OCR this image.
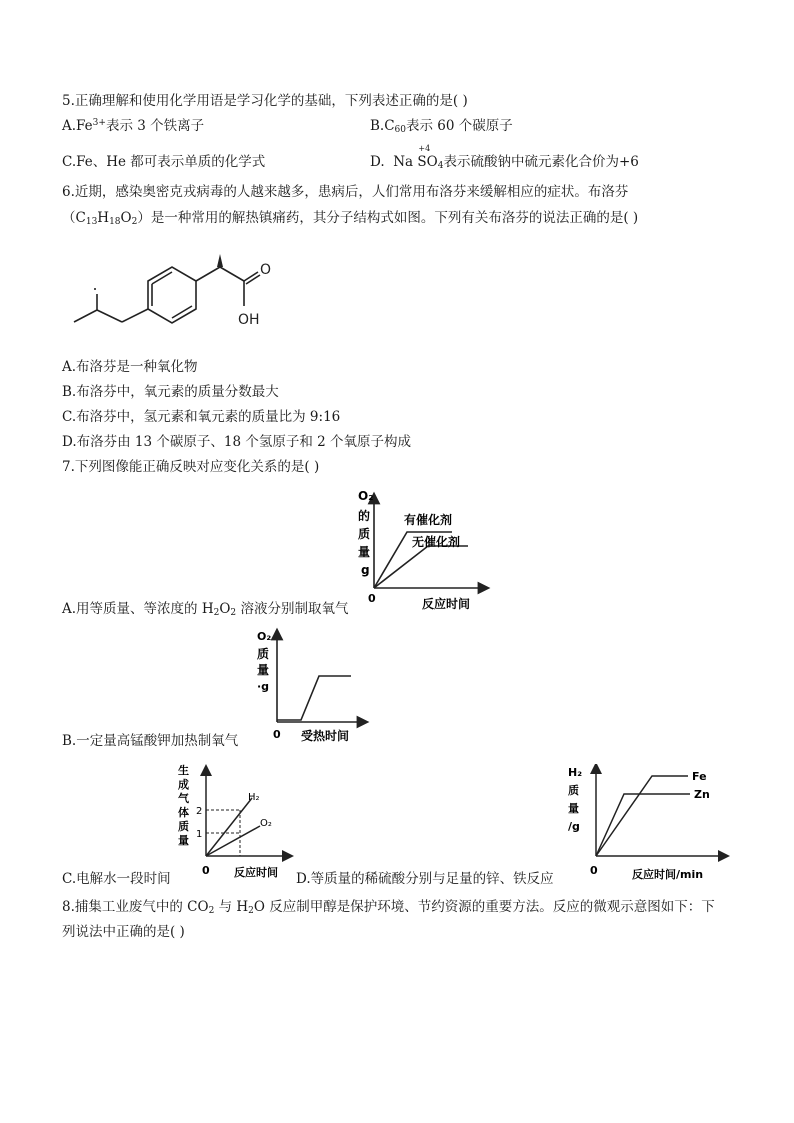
5.正确理解和使用化学用语是学习化学的基础，下列表述正确的是( )
$A.Fe^{3+}$表示 3 个铁离子	$B.C_{60}$表示 60 个碳原子
C.Fe、He 都可表示单质的化学式	D. Na
+4
$SO_4$表示硫酸钠中硫元素化合价为+6
6.近期，感染奥密克戎病毒的人越来越多，患病后，人们常用布洛芬来缓解相应的症状。布洛芬
$(C_{13}H_{18}O_2)$是一种常用的解热镇痛药，其分子结构式如图。下列有关布洛芬的说法正确的是( )
O
OH
A.布洛芬是一种氧化物
B.布洛芬中，氧元素的质量分数最大
C.布洛芬中，氢元素和氧元素的质量比为 9:16
D.布洛芬由 13 个碳原子、18 个氢原子和 2 个氧原子构成
7.下列图像能正确反映对应变化关系的是( )
O₂
的
质
量
g
0	反应时间
有催化剂
无催化剂
A.用等质量、等浓度的 $H_2O_2$ 溶液分别制取氧气
O₂
质
量
·g
0 受热时间
B.一定量高锰酸钾加热制氧气
生
成
气
体
质
量
2
1
0 反应时间
H₂
O₂
C.电解水一段时间	D.等质量的稀硫酸分别与足量的锌、铁反应
H₂
质
量
/g
0	反应时间/min
Fe
Zn
8.捕集工业废气中的 $CO_2$ 与 $H_2O$ 反应制甲醇是保护环境、节约资源的重要方法。反应的微观示意图如下：下
列说法中正确的是( )
